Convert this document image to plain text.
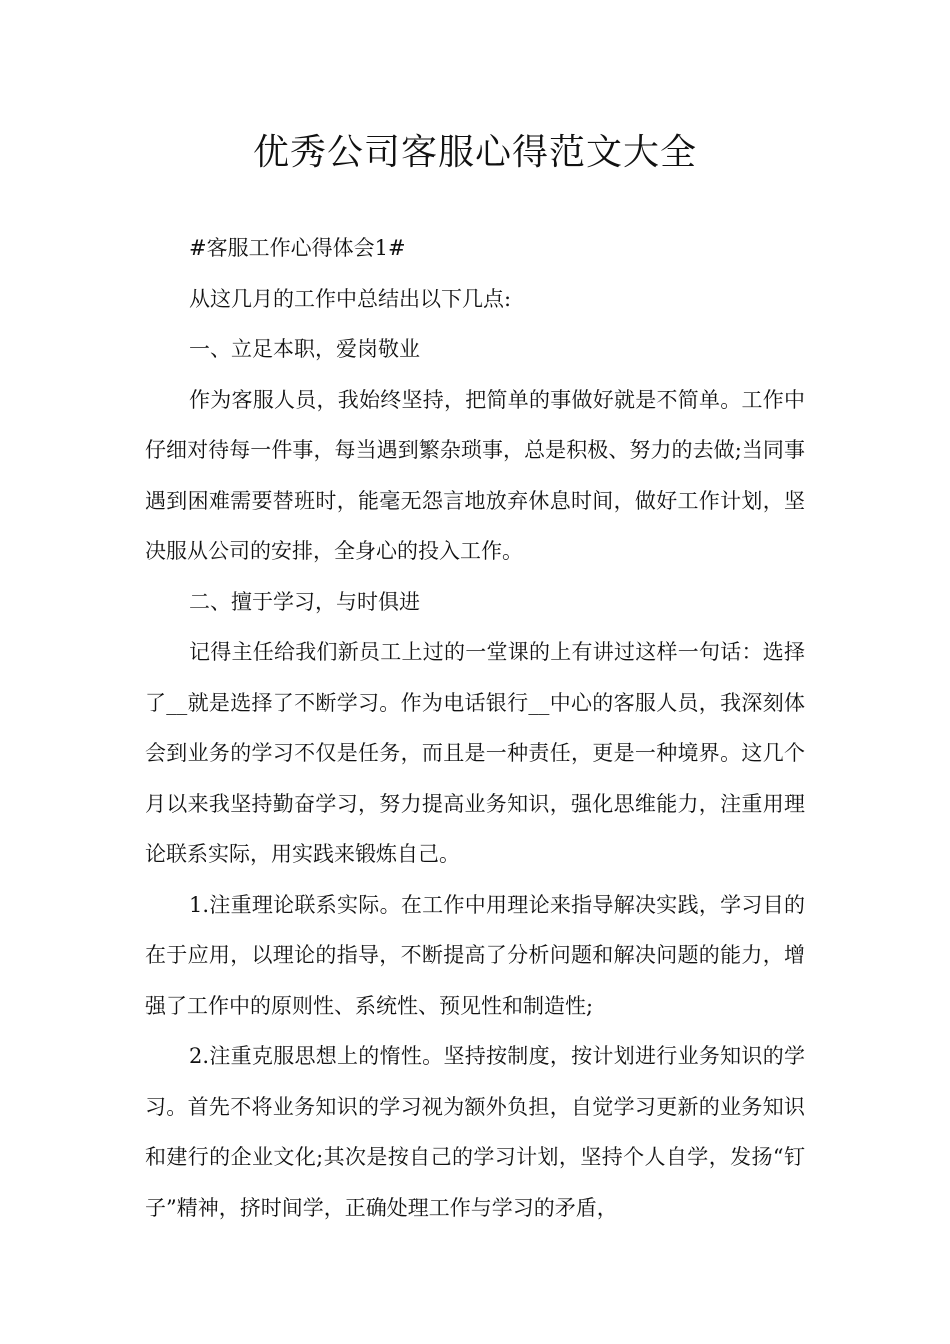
优秀公司客服心得范文大全

#客服工作心得体会1#

从这几月的工作中总结出以下几点:

一、立足本职，爱岗敬业

作为客服人员，我始终坚持，把简单的事做好就是不简单。工作中仔细对待每一件事，每当遇到繁杂琐事，总是积极、努力的去做;当同事遇到困难需要替班时，能毫无怨言地放弃休息时间，做好工作计划，坚决服从公司的安排，全身心的投入工作。

二、擅于学习，与时俱进

记得主任给我们新员工上过的一堂课的上有讲过这样一句话：选择了__就是选择了不断学习。作为电话银行__中心的客服人员，我深刻体会到业务的学习不仅是任务，而且是一种责任，更是一种境界。这几个月以来我坚持勤奋学习，努力提高业务知识，强化思维能力，注重用理论联系实际，用实践来锻炼自己。

1.注重理论联系实际。在工作中用理论来指导解决实践，学习目的在于应用，以理论的指导，不断提高了分析问题和解决问题的能力，增强了工作中的原则性、系统性、预见性和制造性;

2.注重克服思想上的惰性。坚持按制度，按计划进行业务知识的学习。首先不将业务知识的学习视为额外负担，自觉学习更新的业务知识和建行的企业文化;其次是按自己的学习计划，坚持个人自学，发扬“钉子”精神，挤时间学，正确处理工作与学习的矛盾，
